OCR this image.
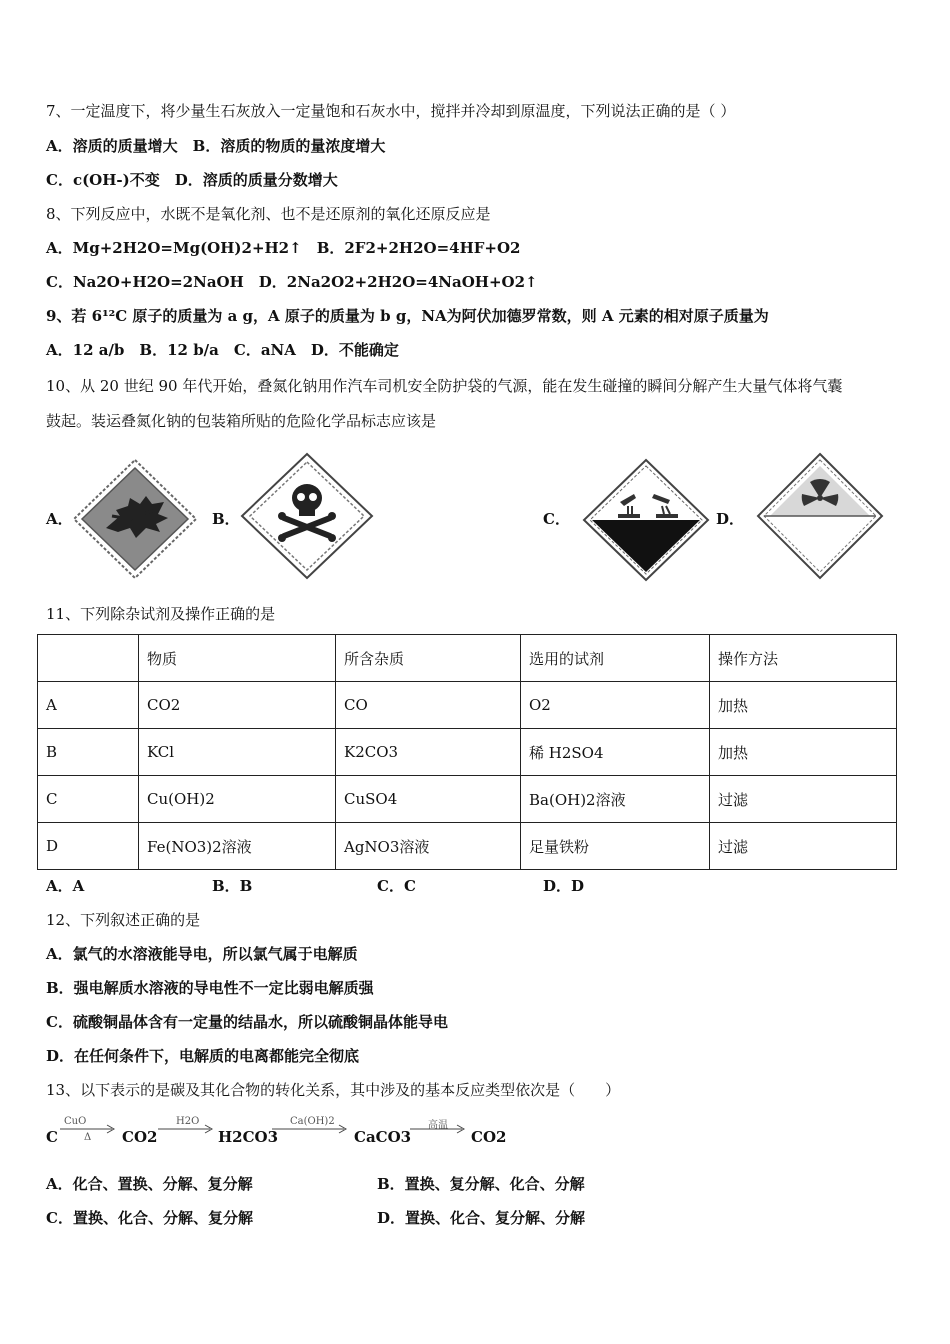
7、一定温度下，将少量生石灰放入一定量饱和石灰水中，搅拌并冷却到原温度，下列说法正确的是（ ）
A．溶质的质量增大　B．溶质的物质的量浓度增大
C．c(OH-)不变　D．溶质的质量分数增大
8、下列反应中，水既不是氧化剂、也不是还原剂的氧化还原反应是
A．Mg+2H2O=Mg(OH)2+H2↑　B．2F2+2H2O=4HF+O2
C．Na2O+H2O=2NaOH　D．2Na2O2+2H2O=4NaOH+O2↑
9、若 6¹²C 原子的质量为 a g，A 原子的质量为 b g，NA为阿伏加德罗常数，则 A 元素的相对原子质量为
A．12 a/b　B．12 b/a　C．aNA　D．不能确定
10、从 20 世纪 90 年代开始，叠氮化钠用作汽车司机安全防护袋的气源，能在发生碰撞的瞬间分解产生大量气体将气囊
鼓起。装运叠氮化钠的包装箱所贴的危险化学品标志应该是
A．	B．	C．	D．
11、下列除杂试剂及操作正确的是
	物质	所含杂质	选用的试剂	操作方法
A	CO2	CO	O2	加热
B	KCl	K2CO3	稀 H2SO4	加热
C	Cu(OH)2	CuSO4	Ba(OH)2溶液	过滤
D	Fe(NO3)2溶液	AgNO3溶液	足量铁粉	过滤
A．A	B．B	C．C	D．D
12、下列叙述正确的是
A．氯气的水溶液能导电，所以氯气属于电解质
B．强电解质水溶液的导电性不一定比弱电解质强
C．硫酸铜晶体含有一定量的结晶水，所以硫酸铜晶体能导电
D．在任何条件下，电解质的电离都能完全彻底
13、以下表示的是碳及其化合物的转化关系，其中涉及的基本反应类型依次是（　　）
C
CuO
Δ CO2
H2O
H2CO3
Ca(OH)2
CaCO3
高温
CO2
A．化合、置换、分解、复分解	B．置换、复分解、化合、分解
C．置换、化合、分解、复分解	D．置换、化合、复分解、分解
